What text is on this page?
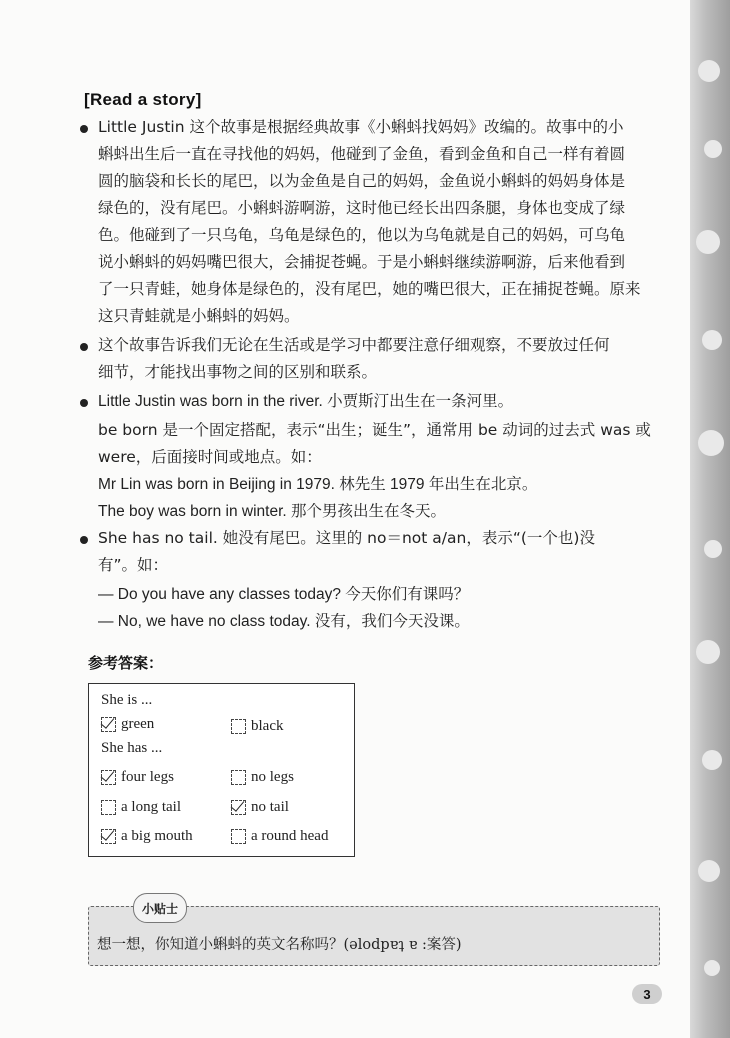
[Read a story]

Little Justin 这个故事是根据经典故事《小蝌蚪找妈妈》改编的。故事中的小

蝌蚪出生后一直在寻找他的妈妈，他碰到了金鱼，看到金鱼和自己一样有着圆

圆的脑袋和长长的尾巴，以为金鱼是自己的妈妈，金鱼说小蝌蚪的妈妈身体是

绿色的，没有尾巴。小蝌蚪游啊游，这时他已经长出四条腿，身体也变成了绿

色。他碰到了一只乌龟，乌龟是绿色的，他以为乌龟就是自己的妈妈，可乌龟

说小蝌蚪的妈妈嘴巴很大，会捕捉苍蝇。于是小蝌蚪继续游啊游，后来他看到

了一只青蛙，她身体是绿色的，没有尾巴，她的嘴巴很大，正在捕捉苍蝇。原来

这只青蛙就是小蝌蚪的妈妈。

这个故事告诉我们无论在生活或是学习中都要注意仔细观察，不要放过任何

细节，才能找出事物之间的区别和联系。

Little Justin was born in the river. 小贾斯汀出生在一条河里。

be born 是一个固定搭配，表示“出生；诞生”，通常用 be 动词的过去式 was 或

were，后面接时间或地点。如：

Mr Lin was born in Beijing in 1979. 林先生 1979 年出生在北京。

The boy was born in winter. 那个男孩出生在冬天。

She has no tail. 她没有尾巴。这里的 no＝not a/an，表示“(一个也)没

有”。如：

— Do you have any classes today? 今天你们有课吗？

— No, we have no class today. 没有，我们今天没课。

参考答案：
She is ...
green	black
She has ...
four legs	no legs
a long tail	no tail
a big mouth	a round head
小贴士
想一想，你知道小蝌蚪的英文名称吗？(ǝlodpɐʇ ɐ :案答)
3
